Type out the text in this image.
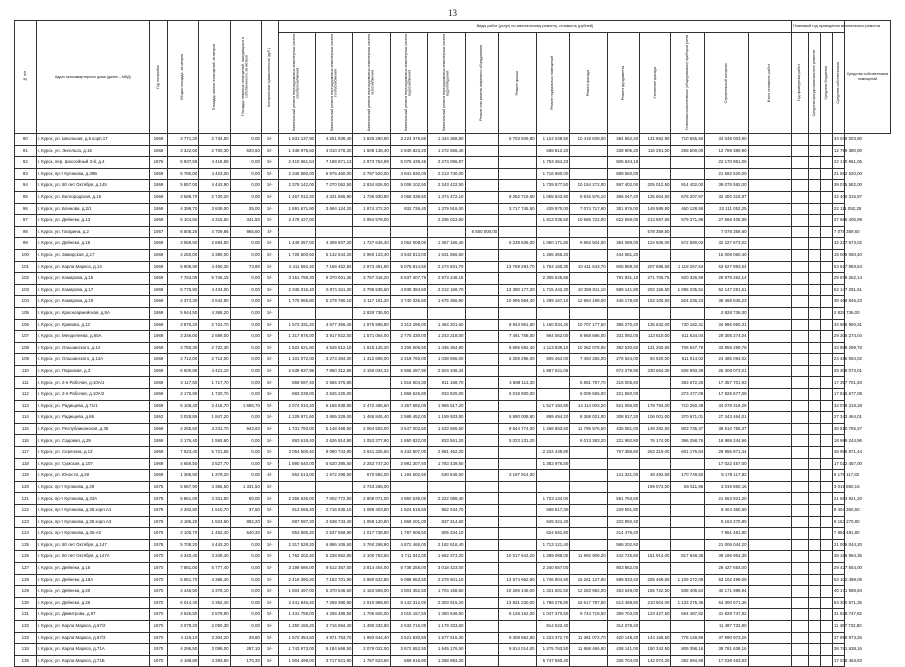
13
№ п/п	Адрес многоквартирного дома (далее – МКД)	Год постройки	Общая площадь, кв.метров	Площадь жилых помещений, кв.метров	Площадь нежилых помещений, находящихся в собственности, кв.метров	Контрольные суммы взносов (руб.)	Виды работ (услуг) по капитальному ремонту, стоимость (рублей)														Плановый год проведения капитального ремонта				Средства собственников помещений

							Капитальный ремонт внутридомовых инженерных систем электроснабжения	Капитальный ремонт внутридомовых инженерных систем теплоснабжения	Капитальный ремонт внутридомовых инженерных систем газоснабжения	Капитальный ремонт внутридомовых инженерных систем водоснабжения	Капитальный ремонт внутридомовых инженерных систем водоотведения	Ремонт или замена лифтового оборудования	Ремонт крыши	Ремонт подвальных помещений	Ремонт фасада	Ремонт фундамента	Утепление фасада	Установка коллективных (общедомовых) приборов учета	Строительный контроль	Итого стоимость работ	Год проведения работ	Средства фонда капитального ремонта	Средства бюджетов	Средства собственников	

90	г. Курск, ул. Школьная, д.5 корп.17	1968	3 771,20	2 734,50	0,00	5/-	1 631 137,90	4 251 938,40	1 825 260,80	3 224 376,60	1 444 368,80		5 703 929,80	1 124 048,50	10 419 839,00	384 662,40	131 882,90	710 555,50	34 048 003,90					34 048 003,90	
91	г. Курск, ул. Энгельса, д.16	1968	3 322,60	2 700,30	620,60	5/-	1 348 975,60	4 010 278,20	1 608 138,40	2 840 823,20	1 272 565,40			668 812,20		338 905,20	116 291,00	265 500,00	12 789 380,90					12 789 380,90	
92	г. Курск, пер. Шоссейный 3-й, д.4	1976	5 937,59	4 418,59	0,00	5/-	2 410 661,54	7 188 871,13	2 873 763,99	5 076 439,45	2 274 096,97			1 763 464,23		605 634,18			22 170 961,06					22 170 961,06	
93	г. Курск, пр-т Кулакова, д.39Б	1969	5 780,00	4 423,00	0,00	5/-	2 346 680,00	6 976 460,00	2 797 520,00	4 941 830,00	2 213 740,00			1 716 660,00		589 560,00			21 582 520,00					21 582 520,00	
94	г. Курск, ул. 50 лет Октября, д.145	1969	5 857,00	4 443,90	0,00	5/-	2 378 142,00	7 070 062,50	2 834 826,00	5 008 102,50	2 243 422,50			1 739 577,50	10 154 272,00	597 402,00	205 012,50	914 402,00	39 075 582,00					39 075 582,00	
95	г. Курск, ул. Белгородская, д.16	1969	3 588,70	2 720,20	0,00	5/-	1 457 012,20	4 331 566,90	1 736 930,80	3 068 338,50	1 374 472,10		8 262 719,60	1 065 843,90	9 915 576,10	366 047,40	125 604,50	676 207,97	32 400 315,97					32 400 315,97	
96	г. Курск, ул. Блинова, д.2/1	1969	4 399,70	3 639,00	35,00	5/-	1 891 671,90	3 694 124,20	1 874 272,20	932 736,40	1 379 916,00		3 717 745,50	439 970,00	7 074 717,60	351 976,00	149 589,80	460 128,55	22 111 052,25					22 111 052,25	
97	г. Курск, ул. Дейнеки, д.13	1969	6 104,50	4 315,60	341,50	5/-	2 478 427,00		2 954 578,00		2 336 023,50			1 813 036,50	10 656 722,00	622 659,00	213 657,50	579 371,99	27 666 405,99					27 666 405,99	
98	г. Курск, ул. Гагарина, д.2	1957	8 505,25	4 709,86	965,60	4/-						6 500 000,00					578 359,60		7 078 359,60					7 078 359,60	
99	г. Курск, ул. Дейнеки, д.15	1969	3 569,50	2 694,50	0,00	5/-	1 449 257,00	4 309 507,20	1 727 646,40	3 052 008,00	1 367 156,40		6 238 636,00	1 060 171,80	9 862 504,00	364 089,00	124 506,00	672 680,02	32 227 673,02					32 227 673,02	
100	г. Курск, ул. Завидская, д.17	1969	4 250,00	3 380,00	0,00	5/-	1 725 500,60	5 142 544,20	2 960 133,40	3 643 813,00	1 631 856,60			1 265 366,20		434 581,20			15 009 060,40					15 009 060,40	
101	г. Курск, ул. Карла Маркса, д.14	1969	5 906,90	4 450,30	73,90	5/-	2 411 592,40	7 168 452,84	2 873 491,80	5 078 814,50	2 274 831,70		13 769 293,70	1 764 150,30	10 411 543,70	605 869,30	207 696,50	1 119 257,64	53 627 993,54					53 627 993,54	
102	г. Курск, ул. Комарова, д.15	1969	7 763,05	5 746,15	0,00	5/-	3 151 798,30	9 370 001,35	3 757 316,20	6 637 407,75	2 973 248,15			2 305 625,85		791 831,10	271 706,75	820 326,59	29 879 262,14					29 879 262,14	
103	г. Курск, ул. Комарова, д.17	1969	5 775,90	4 434,00	0,00	5/-	2 345 015,40	6 971 511,30	2 795 535,60	4 938 394,50	2 212 169,70		13 390 177,20	1 715 442,30	10 359 811,10	589 141,80	202 156,50	1 085 235,51	52 147 291,51					52 147 291,51	
104	г. Курск, ул. Комарова, д.19	1969	4 374,30	3 642,90	0,00	5/-	1 775 965,80	5 279 780,10	2 117 161,20	3 740 026,50	1 675 356,90		10 095 884,40	1 299 167,10	12 984 199,00	446 178,60	153 100,50	824 236,23	39 468 845,23					39 468 845,23	
105	г. Курск, ул. Красноармейская, д.8А	1969	5 944,50	4 368,20	0,00	5/-			2 828 736,00										2 828 736,00					2 828 736,00	
106	г. Курск, ул. Кривова, д.12	1969	3 875,20	2 724,70	0,00	5/-	1 573 331,20	4 677 366,40	1 875 596,80	3 313 296,00	1 484 201,60		8 943 961,60	1 150 934,40	10 707 177,60	395 270,40	135 632,00	730 182,31	34 986 950,31					34 986 950,31	
107	г. Курск, ул. Менделеева, д.65А	1969	3 246,00	2 689,00	0,00	5/-	1 317 876,00	3 917 922,00	1 571 064,00	2 775 330,00	1 243 218,00		7 491 768,00	964 062,00	8 968 686,00	331 092,00	113 610,00	611 634,04	29 306 274,04					29 306 274,04	
108	г. Курск, ул. Ольшанского, д.14	1969	3 750,30	2 722,30	0,00	5/-	1 522 621,80	4 526 612,10	1 815 145,20	3 206 506,50	1 436 364,90		8 655 692,40	1 113 839,10	10 362 078,90	382 530,60	131 260,50	706 647,78	33 859 299,78					33 859 299,78	
109	г. Курск, ул. Ольшанского, д.14А	1969	2 712,00	2 712,00	0,00	5/-	1 101 072,00	3 273 384,00	1 312 608,00	2 318 760,00	1 038 696,00		6 259 296,00	805 464,00	7 493 256,00	276 624,00	94 920,00	511 014,02	24 485 094,02					24 485 094,02	
110	г. Курск, ул. Парковая, д.3	1969	6 500,86	4 421,10	0,00	5/-	2 639 837,96	7 850 312,86	3 150 034,32	5 565 287,90	2 504 345,34			1 867 521,06		672 279,96	230 664,30	828 693,39	25 308 073,01					25 308 073,01	
111	г. Курск, ул. 2-я Рабочая, д.10А/1	1969	2 117,50	1 717,70	0,00	5/-	859 697,40	2 556 376,80		1 816 604,30	811 158,70		4 888 113,20		5 851 757,70	216 005,60		363 672,25	17 357 701,93					17 357 701,93	
112	г. Курск, ул. 2-я Рабочая, д.10А/2	1969	2 175,90	1 720,70	0,00	5/-	883 039,00	2 625 225,00		1 869 625,80	833 925,00		5 019 900,00		6 009 555,00	221 550,00		373 477,08	17 825 677,08					17 825 677,08	
113	г. Курск, ул. Радищева, д.71/1	1969	5 108,40	3 418,70	1 695,70	5/-	2 074 010,40	6 165 838,80	2 472 465,60	4 367 682,00	1 956 517,20			1 517 194,80	14 114 003,20	521 056,80	178 794,00	710 250,48	34 078 319,28					34 078 319,28	
114	г. Курск, ул. Радищева, д.86	1962	3 028,86	1 847,20	0,00	5/-	1 229 571,60	3 655 329,00	1 465 845,40	2 589 452,00	1 159 933,80		6 990 008,80	899 494,20	8 368 021,00	308 917,20	106 001,00	370 671,01	27 343 464,01					27 343 464,01	
115	г. Курск, ул. Республиканская, д.36	1969	4 265,50	3 231,70	943,60	5/-	1 731 793,00	5 148 458,50	2 064 502,00	3 647 002,50	1 633 686,50		9 844 774,00	1 266 853,50	11 785 576,50	435 081,00	149 292,50	803 735,37	38 510 755,37					38 510 755,37	
116	г. Курск, ул. Садовая, д.29	1969	2 176,40	1 593,60	0,00	5/-	883 618,40	2 626 914,80	1 053 377,60	1 860 822,00	833 561,20		5 023 131,20		6 013 393,20	221 992,80	76 174,00	396 258,76	18 989 244,96					18 989 244,96	
117	г. Курск, ул. Серегина, д.13	1969	7 523,40	5 721,65	0,00	5/-	3 054 500,40	9 080 743,80	3 641 325,60	6 432 507,00	2 881 462,20			2 234 449,80		767 386,80	263 319,00	601 176,84	28 956 871,44					28 956 871,44	
118	г. Курск, ул. Сумская, д.107	1969	4 656,50	3 527,70	0,00	5/-	1 890 540,00	5 620 395,50	2 253 747,20	3 981 307,50	1 783 439,50			1 382 976,50					17 022 457,00					17 022 457,00	
119	г. Курск, ул. Юности, д.28	1969	1 385,50	1 378,20	0,00	4/-	562 513,00	1 672 298,50	670 582,00	1 184 602,50	530 646,50		3 197 914,00			141 321,00	48 492,50	170 749,82	8 178 117,82					8 178 117,82	
120	г. Курск, пр-т Кулакова, д.29	1975	5 667,90	4 356,60	1 331,50	5/-			2 743 265,00								199 073,00	56 511,96	3 019 860,16					3 019 860,16	
121	г. Курск, пр-т Кулакова, д.33А	1978	5 861,00	4 331,50	60,00	5/-	2 355 536,00	7 002 772,50	2 808 071,00	4 960 539,00	2 222 089,40			1 723 134,00		591 763,60			21 663 921,20					21 663 921,20	
122	г. Курск, пр-т Кулакова, д.35 корп.А1	1979	2 292,90	1 510,70	37,50	5/-	913 665,40	2 716 635,10	1 089 403,80	1 924 519,50	862 034,70			668 517,30		229 591,80			8 404 360,60					8 404 360,60	
123	г. Курск, пр-т Кулакова, д.35 корп.А3	1979	2 186,20	1 524,60	882,20	5/-	887 597,20	2 638 743,40	1 058 120,80	1 869 201,00	837 314,60			649 321,40		222 992,40			8 163 270,80					8 163 270,80	
124	г. Курск, пр-т Кулакова, д.35-А2	1979	2 100,70	1 462,40	640,30	5/-	853 885,20	2 537 658,90	1 017 738,80	1 797 608,50	805 334,10			624 561,90		214 475,40			7 851 481,80					7 851 481,80	
125	г. Курск, ул. 50 лет Октября, д.147	1978	5 708,20	4 443,20	0,00	5/-	2 317 529,20	6 896 105,60	2 760 268,80	4 872 465,00	2 182 616,40			1 713 121,40		586 202,60			21 006 044,20					21 006 044,20	
126	г. Курск, ул. 50 лет Октября, д.147А	1970	4 340,40	3 349,40	0,00	5/-	1 762 202,40	5 238 862,80	2 100 753,60	3 711 042,00	1 662 373,20		10 017 643,20	1 289 088,00	11 992 909,20	442 726,80	151 914,00	817 848,35	39 186 964,35					39 186 964,35	
127	г. Курск, ул. Дейнеки, д.16	1970	7 881,00	5 777,40	0,00	5/-	3 199 686,00	9 512 367,00	3 814 404,00	6 738 255,00	3 018 423,00			2 340 657,00		803 862,00			29 427 654,00					29 427 654,00	
128	г. Курск, ул. Дейнеки, д.18А	1970	5 951,70	4 386,40	0,00	5/-	2 416 390,20	7 183 701,90	2 880 622,80	5 088 653,50	2 279 501,10		13 574 962,90	1 746 804,90	16 261 127,80	599 933,40	205 469,50	1 109 272,09	53 102 499,09					53 102 499,09	
129	г. Курск, ул. Дейнеки, д.20	1970	4 445,50	3 378,10	0,00	5/-	1 804 497,00	5 370 546,50	2 153 559,00	3 804 352,50	1 704 158,50		10 269 446,00	1 321 501,50	12 283 992,00	453 648,00	155 722,50	838 405,64	40 171 988,94					40 171 988,94	
130	г. Курск, ул. Дейнеки, д.26	1970	6 014,40	4 352,40	0,00	5/-	2 441 846,40	7 259 380,80	2 910 969,60	5 142 312,00	2 303 515,20		13 831 230,00	1 786 276,80	16 617 787,60	613 468,80	210 504,00	1 133 275,35	54 300 571,35					54 300 571,35	
131	г. Курск, ул. Димитрова, д.97	1970	3 526,50	2 579,90	0,00	5/-	1 431 759,00	4 256 485,50	1 706 826,00	3 015 157,50	1 350 649,50		8 128 162,00	1 047 370,50	9 743 719,50	359 703,00	123 427,50	664 487,82	31 828 747,82					31 828 747,82	
132	г. Курск, ул. Карла Маркса, д.67/2	1970	3 079,20	2 050,30	0,00	5/-	1 250 155,20	3 716 594,40	1 490 332,80	2 632 716,00	1 179 333,60			914 522,40		314 078,40			11 497 732,80					11 497 732,80	
133	г. Курск, ул. Карла Маркса, д.67/3	1970	4 119,10	3 304,20	39,80	5/-	1 672 354,60	4 971 753,70	1 993 644,40	3 521 830,50	1 577 615,30		9 308 862,80	1 223 372,70	11 381 072,70	420 148,20	144 168,50	776 149,86	37 990 973,26					37 990 973,26	
134	г. Курск, ул. Карла Маркса, д.71А	1970	4 295,50	3 095,00	287,10	5/-	1 743 973,00	5 184 668,50	2 079 022,00	3 672 652,50	1 645 176,50		9 814 014,00	1 275 763,50	11 868 466,50	438 141,00	150 342,50	809 398,16	38 781 638,16					38 781 638,16	
135	г. Курск, ул. Карла Маркса, д.71Б	1970	4 198,80	3 393,60	170,30	5/-	1 904 499,00	3 717 921,80	1 787 623,60	669 615,90	1 258 893,20			5 747 550,40		335 704,00	142 074,20	352 694,68	17 038 463,83					17 038 463,83	
